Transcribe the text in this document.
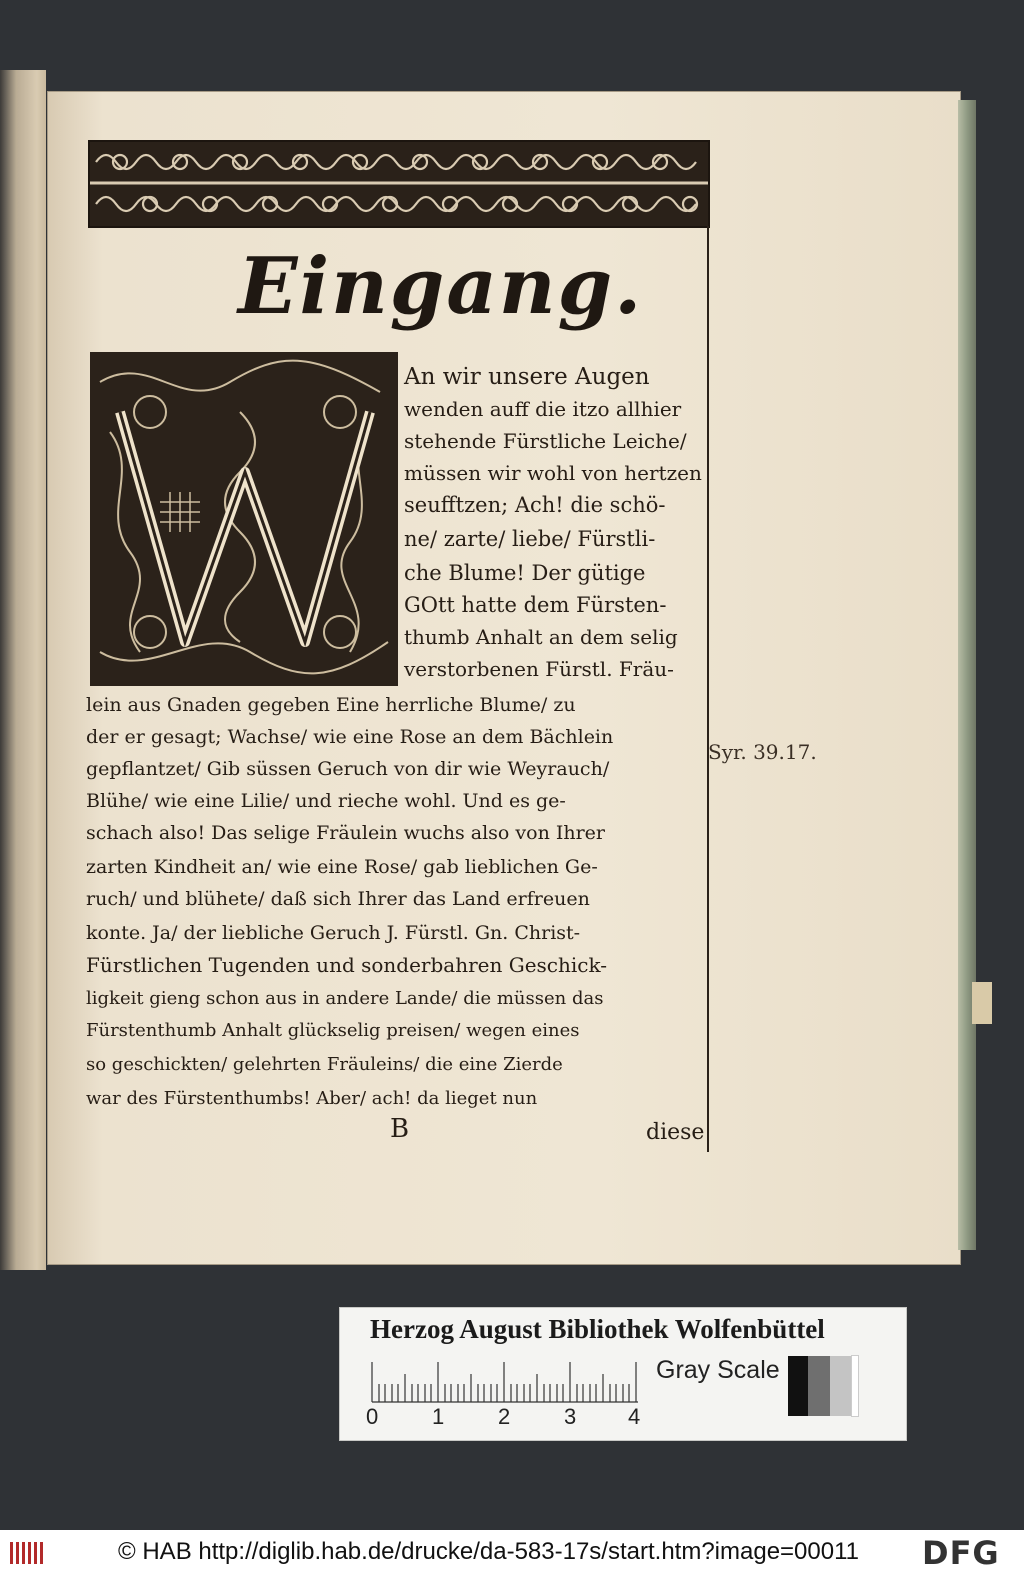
Eingang.
An wir unsere Augen
wenden auff die itzo allhier
stehende Fürstliche Leiche/
müssen wir wohl von hertzen
seufftzen; Ach! die schö-
ne/ zarte/ liebe/ Fürstli-
che Blume! Der gütige
GOtt hatte dem Fürsten-
thumb Anhalt an dem selig
verstorbenen Fürstl. Fräu-
lein aus Gnaden gegeben Eine herrliche Blume/ zu
der er gesagt; Wachse/ wie eine Rose an dem Bächlein
gepflantzet/ Gib süssen Geruch von dir wie Weyrauch/
Blühe/ wie eine Lilie/ und rieche wohl. Und es ge-
schach also! Das selige Fräulein wuchs also von Ihrer
zarten Kindheit an/ wie eine Rose/ gab lieblichen Ge-
ruch/ und blühete/ daß sich Ihrer das Land erfreuen
konte. Ja/ der liebliche Geruch J. Fürstl. Gn. Christ-
Fürstlichen Tugenden und sonderbahren Geschick-
ligkeit gieng schon aus in andere Lande/ die müssen das
Fürstenthumb Anhalt glückselig preisen/ wegen eines
so geschickten/ gelehrten Fräuleins/ die eine Zierde
war des Fürstenthumbs! Aber/ ach! da lieget nun
Syr. 39.17.
B	diese
Herzog August Bibliothek Wolfenbüttel
Gray Scale
0 1 2 3 4
© HAB http://diglib.hab.de/drucke/da-583-17s/start.htm?image=00011 DFG
